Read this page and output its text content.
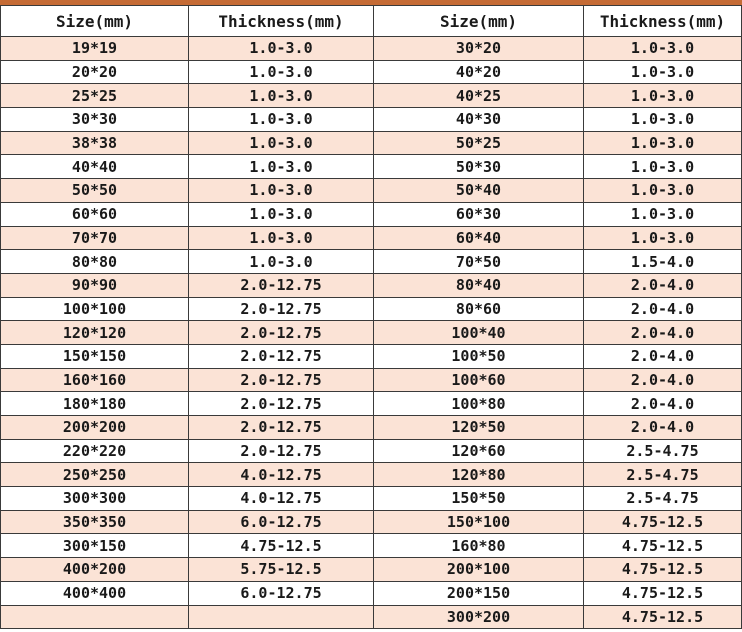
Size(mm)	Thickness(mm)	Size(mm)	Thickness(mm)
19*19	1.0-3.0	30*20	1.0-3.0
20*20	1.0-3.0	40*20	1.0-3.0
25*25	1.0-3.0	40*25	1.0-3.0
30*30	1.0-3.0	40*30	1.0-3.0
38*38	1.0-3.0	50*25	1.0-3.0
40*40	1.0-3.0	50*30	1.0-3.0
50*50	1.0-3.0	50*40	1.0-3.0
60*60	1.0-3.0	60*30	1.0-3.0
70*70	1.0-3.0	60*40	1.0-3.0
80*80	1.0-3.0	70*50	1.5-4.0
90*90	2.0-12.75	80*40	2.0-4.0
100*100	2.0-12.75	80*60	2.0-4.0
120*120	2.0-12.75	100*40	2.0-4.0
150*150	2.0-12.75	100*50	2.0-4.0
160*160	2.0-12.75	100*60	2.0-4.0
180*180	2.0-12.75	100*80	2.0-4.0
200*200	2.0-12.75	120*50	2.0-4.0
220*220	2.0-12.75	120*60	2.5-4.75
250*250	4.0-12.75	120*80	2.5-4.75
300*300	4.0-12.75	150*50	2.5-4.75
350*350	6.0-12.75	150*100	4.75-12.5
300*150	4.75-12.5	160*80	4.75-12.5
400*200	5.75-12.5	200*100	4.75-12.5
400*400	6.0-12.75	200*150	4.75-12.5
		300*200	4.75-12.5
